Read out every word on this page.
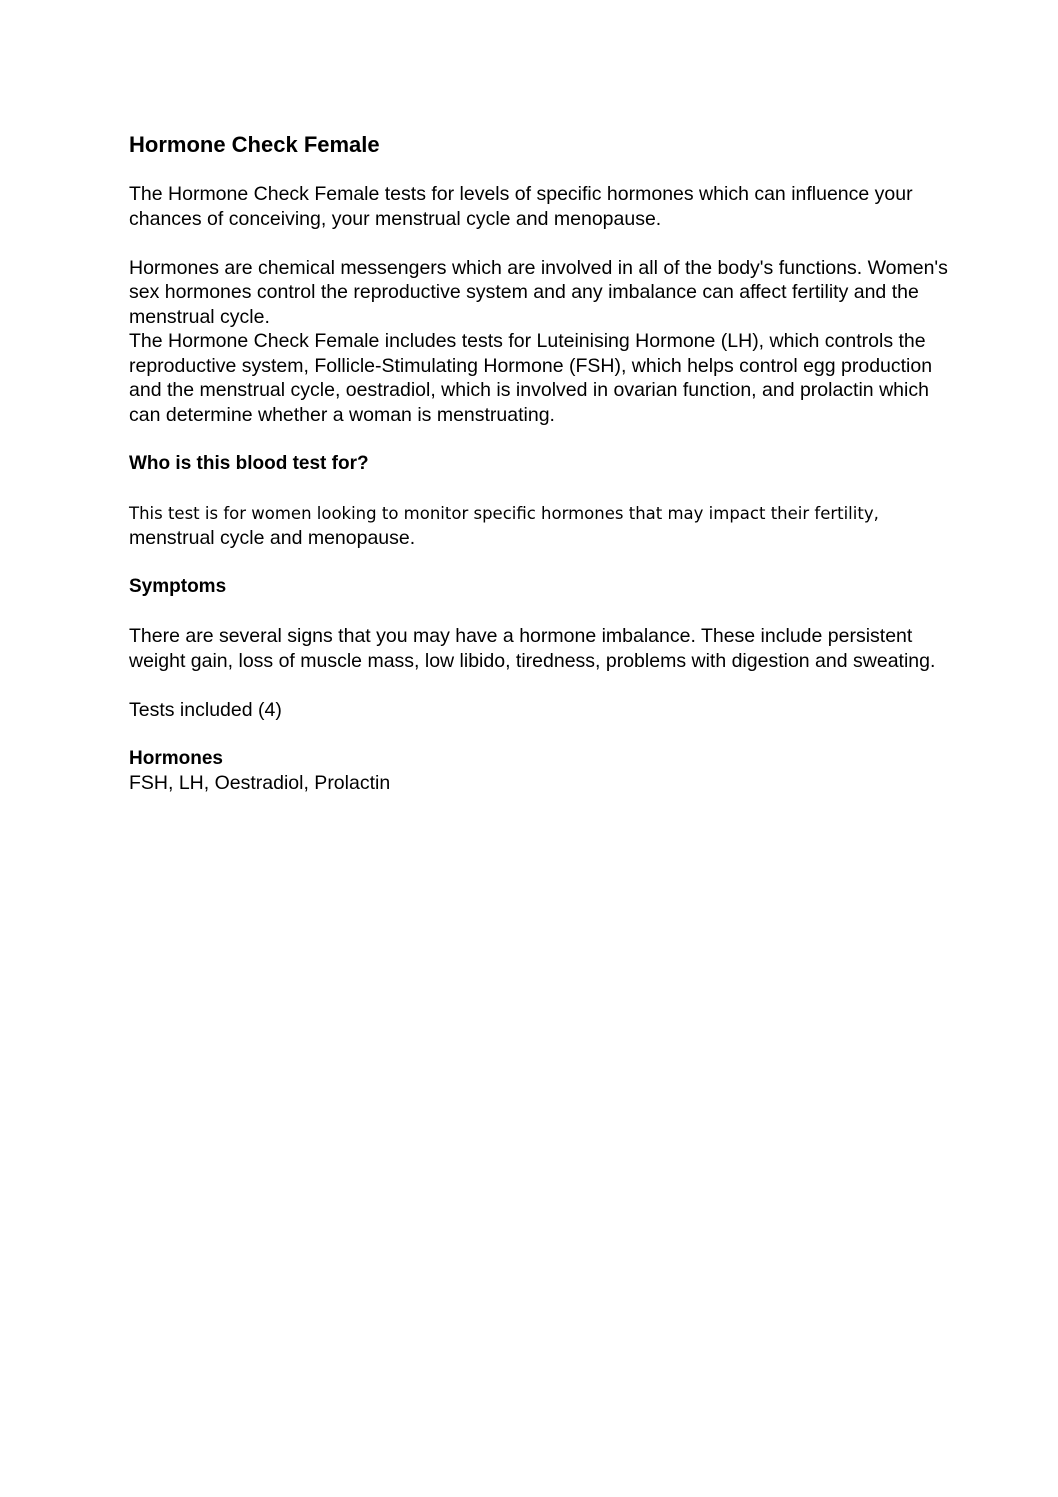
Hormone Check Female

The Hormone Check Female tests for levels of specific hormones which can influence your chances of conceiving, your menstrual cycle and menopause.

Hormones are chemical messengers which are involved in all of the body's functions. Women's sex hormones control the reproductive system and any imbalance can affect fertility and the menstrual cycle.

The Hormone Check Female includes tests for Luteinising Hormone (LH), which controls the reproductive system, Follicle-Stimulating Hormone (FSH), which helps control egg production and the menstrual cycle, oestradiol, which is involved in ovarian function, and prolactin which can determine whether a woman is menstruating.

Who is this blood test for?

This test is for women looking to monitor specific hormones that may impact their fertility,
menstrual cycle and menopause.

Symptoms

There are several signs that you may have a hormone imbalance. These include persistent weight gain, loss of muscle mass, low libido, tiredness, problems with digestion and sweating.

Tests included (4)

Hormones

FSH, LH, Oestradiol, Prolactin
